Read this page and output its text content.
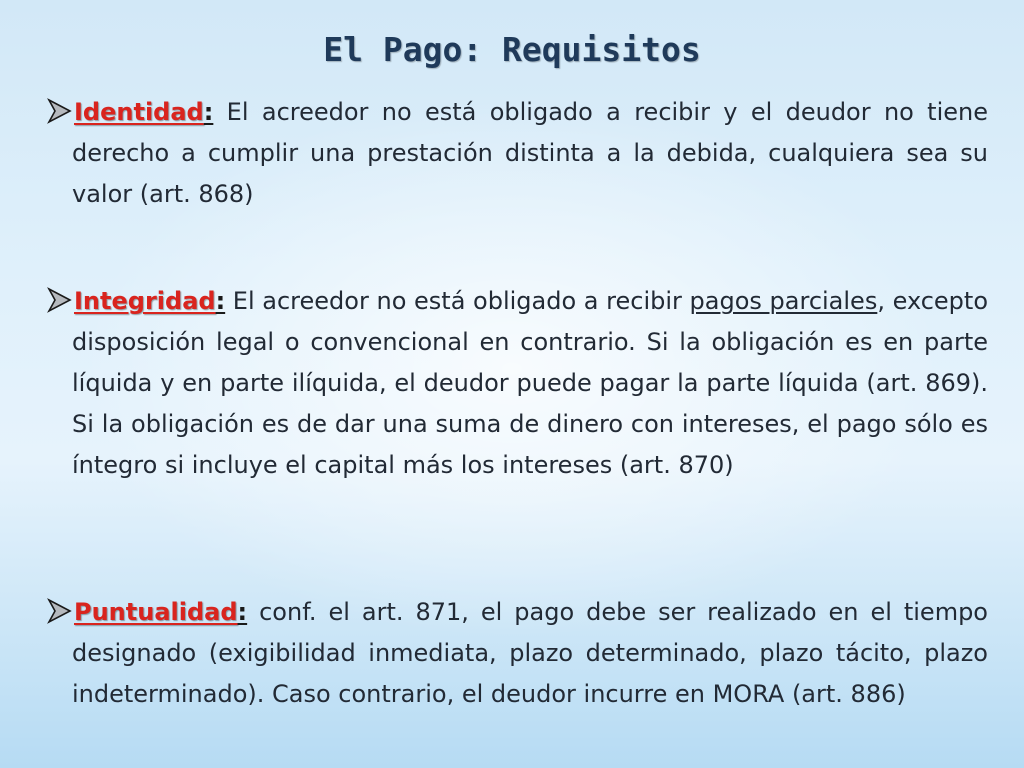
El Pago: Requisitos
Identidad: El acreedor no está obligado a recibir y el deudor no tiene derecho a cumplir una prestación distinta a la debida, cualquiera sea su valor (art. 868)
Integridad: El acreedor no está obligado a recibir pagos parciales, excepto disposición legal o convencional en contrario. Si la obligación es en parte líquida y en parte ilíquida, el deudor puede pagar la parte líquida (art. 869). Si la obligación es de dar una suma de dinero con intereses, el pago sólo es íntegro si incluye el capital más los intereses (art. 870)
Puntualidad: conf. el art. 871, el pago debe ser realizado en el tiempo designado (exigibilidad inmediata, plazo determinado, plazo tácito, plazo indeterminado). Caso contrario, el deudor incurre en MORA (art. 886)
